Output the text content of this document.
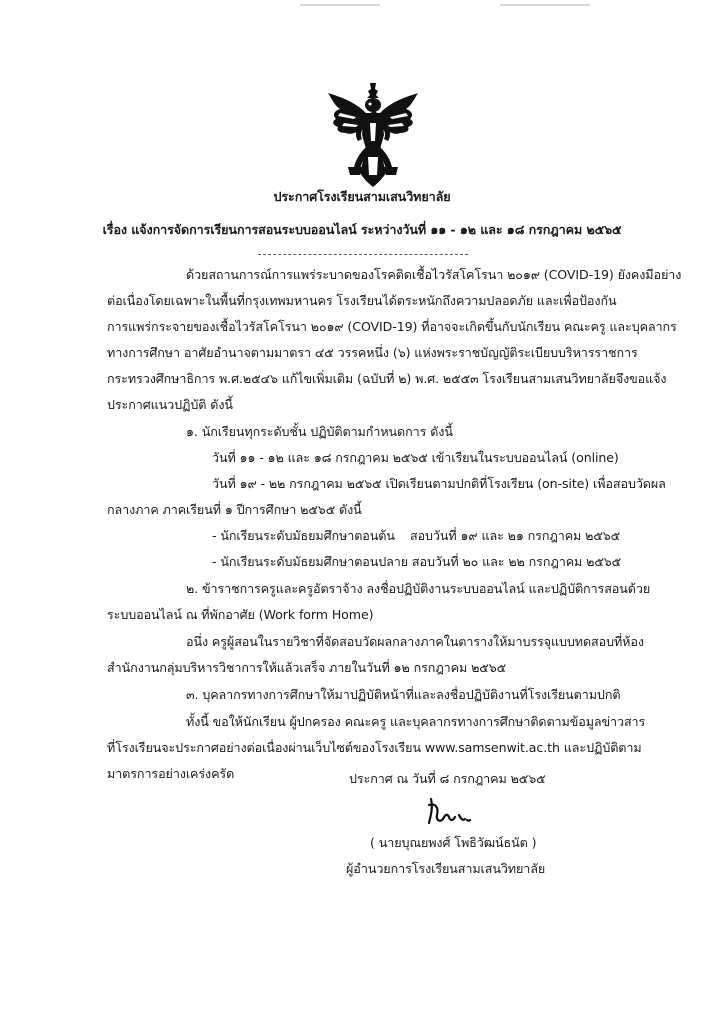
ประกาศโรงเรียนสามเสนวิทยาลัย
เรื่อง แจ้งการจัดการเรียนการสอนระบบออนไลน์ ระหว่างวันที่ ๑๑ - ๑๒ และ ๑๘ กรกฎาคม ๒๕๖๕
ด้วยสถานการณ์การแพร่ระบาดของโรคติดเชื้อไวรัสโคโรนา ๒๐๑๙ (COVID-19) ยังคงมีอย่าง
ต่อเนื่องโดยเฉพาะในพื้นที่กรุงเทพมหานคร โรงเรียนได้ตระหนักถึงความปลอดภัย และเพื่อป้องกัน
การแพร่กระจายของเชื้อไวรัสโคโรนา ๒๐๑๙ (COVID-19) ที่อาจจะเกิดขึ้นกับนักเรียน คณะครู และบุคลากร
ทางการศึกษา อาศัยอำนาจตามมาตรา ๔๕ วรรคหนึ่ง (๖) แห่งพระราชบัญญัติระเบียบบริหารราชการ
กระทรวงศึกษาธิการ พ.ศ.๒๕๔๖ แก้ไขเพิ่มเติม (ฉบับที่ ๒) พ.ศ. ๒๕๕๓ โรงเรียนสามเสนวิทยาลัยจึงขอแจ้ง
ประกาศแนวปฏิบัติ ดังนี้
๑. นักเรียนทุกระดับชั้น ปฏิบัติตามกำหนดการ ดังนี้
วันที่ ๑๑ - ๑๒ และ ๑๘ กรกฎาคม ๒๕๖๕ เข้าเรียนในระบบออนไลน์ (online)
วันที่ ๑๙ - ๒๒ กรกฎาคม ๒๕๖๕ เปิดเรียนตามปกติที่โรงเรียน (on-site) เพื่อสอบวัดผล
กลางภาค ภาคเรียนที่ ๑ ปีการศึกษา ๒๕๖๕ ดังนี้
- นักเรียนระดับมัธยมศึกษาตอนต้น สอบวันที่ ๑๙ และ ๒๑ กรกฎาคม ๒๕๖๕
- นักเรียนระดับมัธยมศึกษาตอนปลาย สอบวันที่ ๒๐ และ ๒๒ กรกฎาคม ๒๕๖๕
๒. ข้าราชการครูและครูอัตราจ้าง ลงชื่อปฏิบัติงานระบบออนไลน์ และปฏิบัติการสอนด้วย
ระบบออนไลน์ ณ ที่พักอาศัย (Work form Home)
อนึ่ง ครูผู้สอนในรายวิชาที่จัดสอบวัดผลกลางภาคในตารางให้มาบรรจุแบบทดสอบที่ห้อง
สำนักงานกลุ่มบริหารวิชาการให้แล้วเสร็จ ภายในวันที่ ๑๒ กรกฎาคม ๒๕๖๕
๓. บุคลากรทางการศึกษาให้มาปฏิบัติหน้าที่และลงชื่อปฏิบัติงานที่โรงเรียนตามปกติ
ทั้งนี้ ขอให้นักเรียน ผู้ปกครอง คณะครู และบุคลากรทางการศึกษาติดตามข้อมูลข่าวสาร
ที่โรงเรียนจะประกาศอย่างต่อเนื่องผ่านเว็บไซต์ของโรงเรียน www.samsenwit.ac.th และปฏิบัติตาม
มาตรการอย่างเคร่งครัด	ประกาศ ณ วันที่ ๘ กรกฎาคม ๒๕๖๕
( นายบุณยพงศ์ โพธิวัฒน์ธนัต )
ผู้อำนวยการโรงเรียนสามเสนวิทยาลัย
